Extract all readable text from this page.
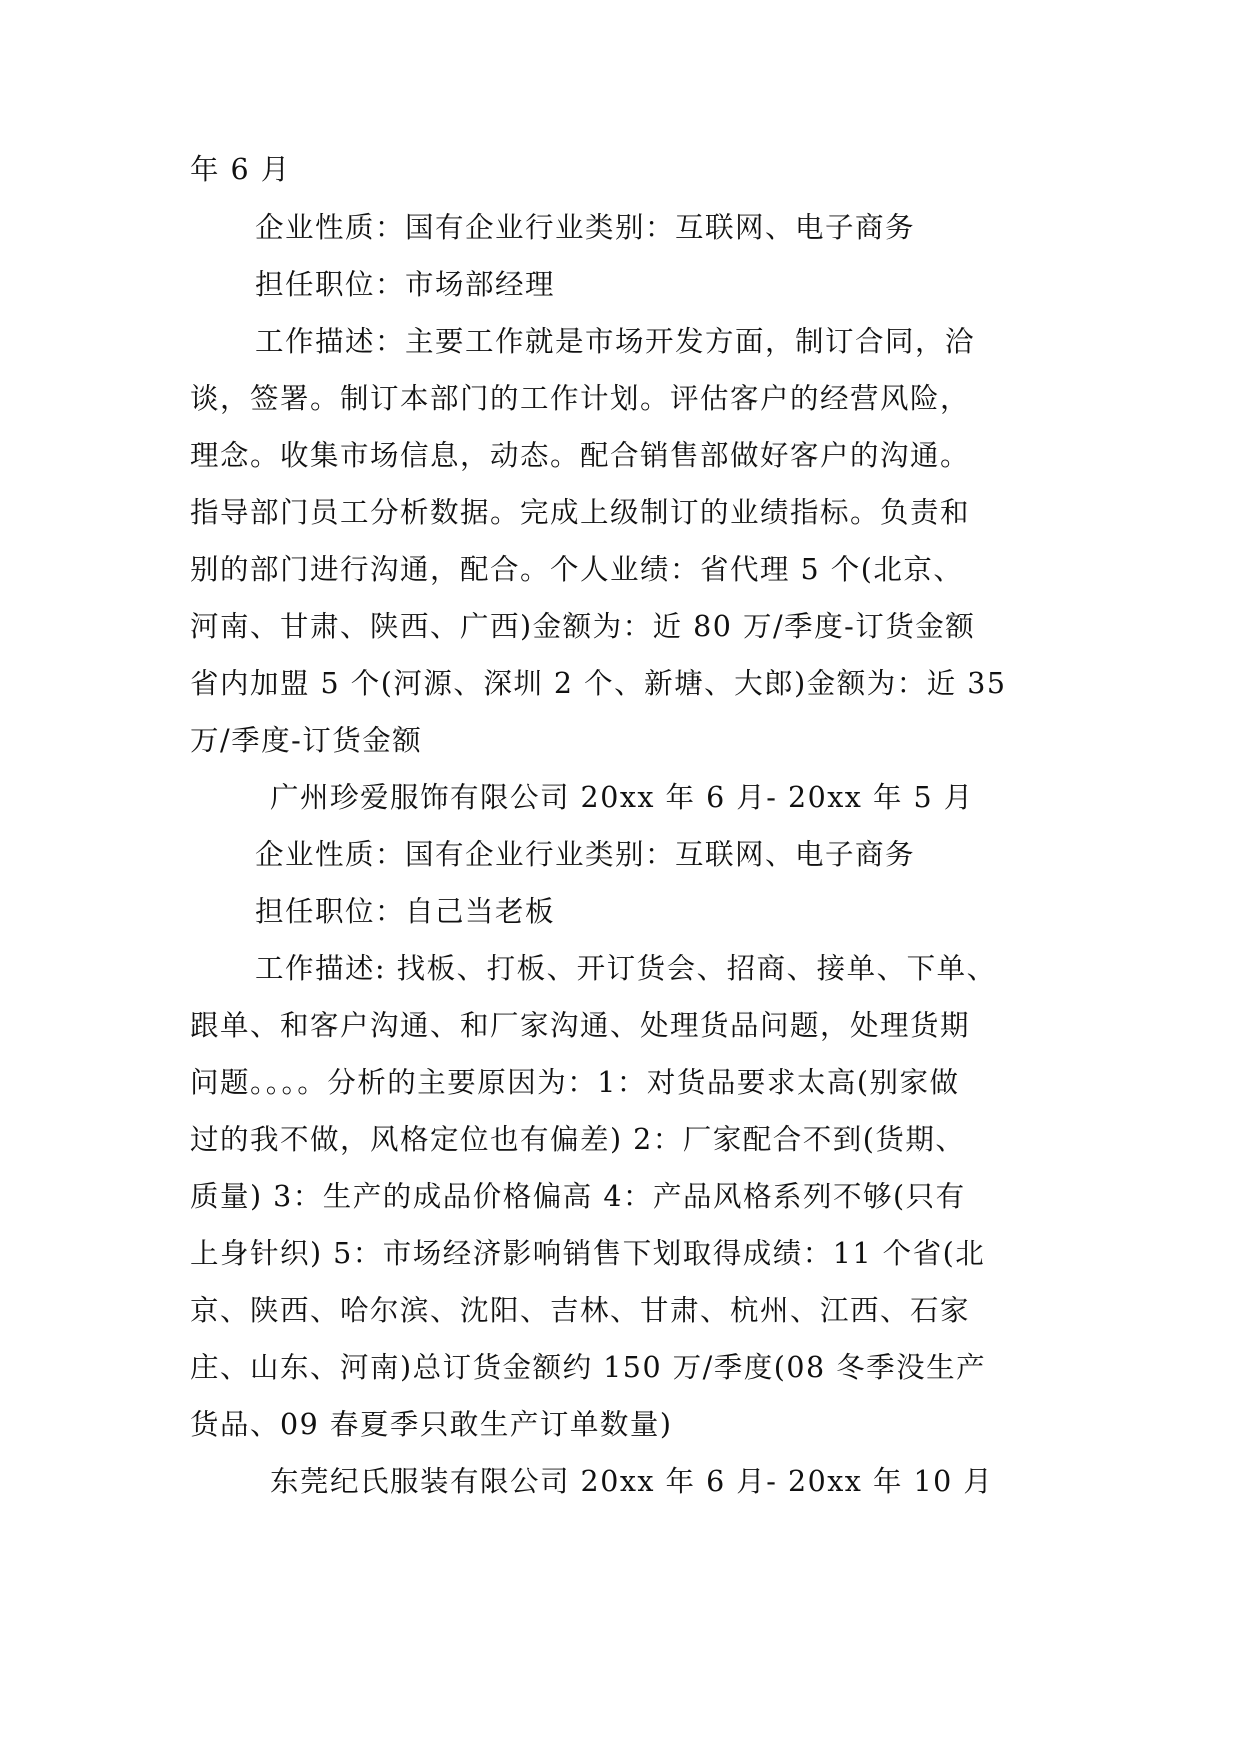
年 6 月
企业性质：国有企业行业类别：互联网、电子商务
担任职位：市场部经理
工作描述：主要工作就是市场开发方面，制订合同，洽
谈，签署。制订本部门的工作计划。评估客户的经营风险，
理念。收集市场信息，动态。配合销售部做好客户的沟通。
指导部门员工分析数据。完成上级制订的业绩指标。负责和
别的部门进行沟通，配合。个人业绩：省代理 5 个(北京、
河南、甘肃、陕西、广西)金额为：近 80 万/季度-订货金额
省内加盟 5 个(河源、深圳 2 个、新塘、大郎)金额为：近 35
万/季度-订货金额
广州珍爱服饰有限公司 20xx 年 6 月- 20xx 年 5 月
企业性质：国有企业行业类别：互联网、电子商务
担任职位：自己当老板
工作描述: 找板、打板、开订货会、招商、接单、下单、
跟单、和客户沟通、和厂家沟通、处理货品问题，处理货期
问题。。。。分析的主要原因为：1：对货品要求太高(别家做
过的我不做，风格定位也有偏差) 2：厂家配合不到(货期、
质量) 3：生产的成品价格偏高 4：产品风格系列不够(只有
上身针织) 5：市场经济影响销售下划取得成绩：11 个省(北
京、陕西、哈尔滨、沈阳、吉林、甘肃、杭州、江西、石家
庄、山东、河南)总订货金额约 150 万/季度(08 冬季没生产
货品、09 春夏季只敢生产订单数量)
东莞纪氏服装有限公司 20xx 年 6 月- 20xx 年 10 月
